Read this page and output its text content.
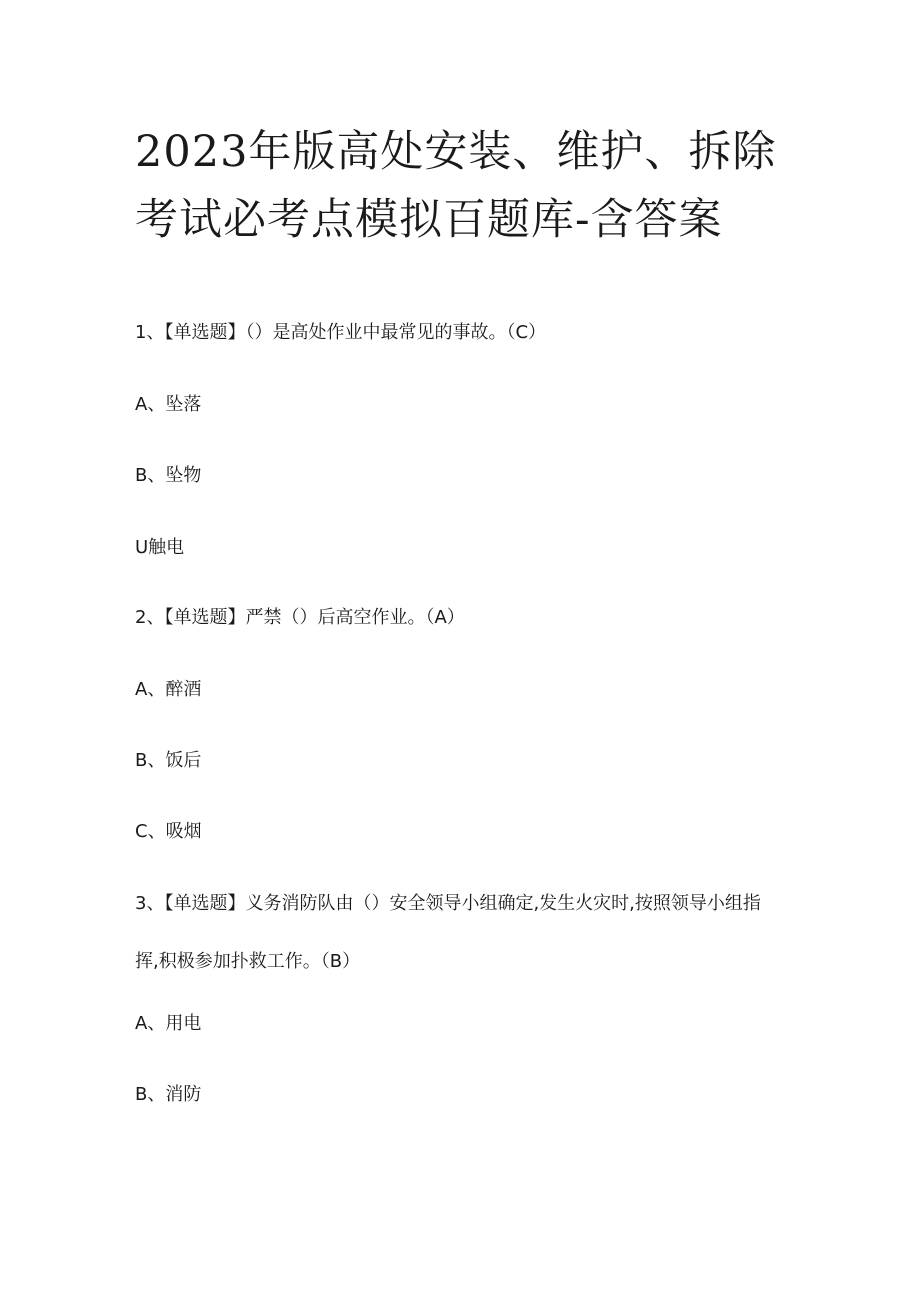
2023年版高处安装、维护、拆除考试必考点模拟百题库-含答案
1、【单选题】（）是高处作业中最常见的事故。（C）
A、坠落
B、坠物
U触电
2、【单选题】严禁（）后高空作业。（A）
A、醉酒
B、饭后
C、吸烟
3、【单选题】义务消防队由（）安全领导小组确定,发生火灾时,按照领导小组指挥,积极参加扑救工作。（B）
A、用电
B、消防
